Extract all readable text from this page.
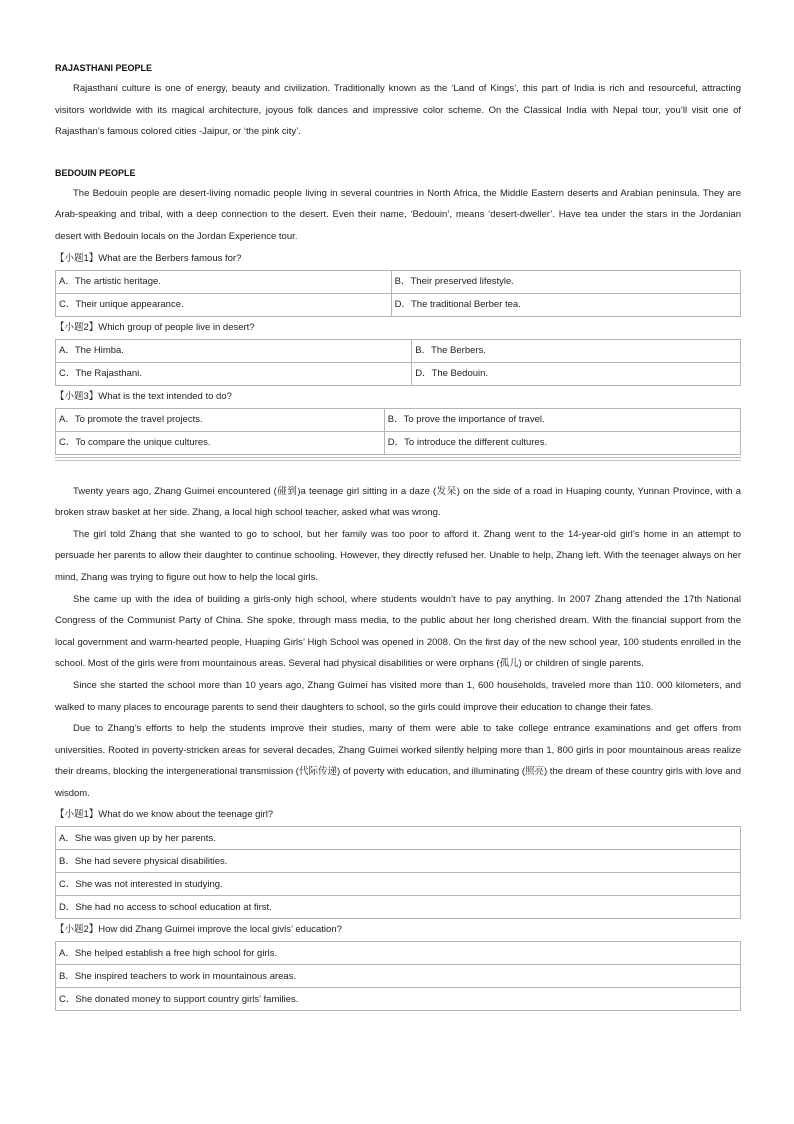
RAJASTHANI PEOPLE

Rajasthani culture is one of energy, beauty and civilization. Traditionally known as the ‘Land of Kings’, this part of India is rich and resourceful, attracting visitors worldwide with its magical architecture, joyous folk dances and impressive color scheme. On the Classical India with Nepal tour, you’ll visit one of Rajasthan’s famous colored cities -Jaipur, or ‘the pink city’.

BEDOUIN PEOPLE

The Bedouin people are desert-living nomadic people living in several countries in North Africa, the Middle Eastern deserts and Arabian peninsula. They are Arab-speaking and tribal, with a deep connection to the desert. Even their name, ‘Bedouin’, means ‘desert-dweller’. Have tea under the stars in the Jordanian desert with Bedouin locals on the Jordan Experience tour.

【小题1】What are the Berbers famous for?

A．The artistic heritage.	B．Their preserved lifestyle.
C．Their unique appearance.	D．The traditional Berber tea.

【小题2】Which group of people live in desert?

A．The Himba.	B．The Berbers.
C．The Rajasthani.	D．The Bedouin.

【小题3】What is the text intended to do?

A．To promote the travel projects.	B．To prove the importance of travel.
C．To compare the unique cultures.	D．To introduce the different cultures.

Twenty years ago, Zhang Guimei encountered (碰到)a teenage girl sitting in a daze (发呆) on the side of a road in Huaping county, Yunnan Province, with a broken straw basket at her side. Zhang, a local high school teacher, asked what was wrong.

The girl told Zhang that she wanted to go to school, but her family was too poor to afford it. Zhang went to the 14-year-old girl’s home in an attempt to persuade her parents to allow their daughter to continue schooling. However, they directly refused her. Unable to help, Zhang left. With the teenager always on her mind, Zhang was trying to figure out how to help the local girls.

She came up with the idea of building a girls-only high school, where students wouldn’t have to pay anything. In 2007 Zhang attended the 17th National Congress of the Communist Party of China. She spoke, through mass media, to the public about her long cherished dream. With the financial support from the local government and warm-hearted people, Huaping Girls’ High School was opened in 2008. On the first day of the new school year, 100 students enrolled in the school. Most of the girls were from mountainous areas. Several had physical disabilities or were orphans (孤儿) or children of single parents.

Since she started the school more than 10 years ago, Zhang Guimei has visited more than 1, 600 households, traveled more than 110. 000 kilometers, and walked to many places to encourage parents to send their daughters to school, so the girls could improve their education to change their fates.

Due to Zhang’s efforts to help the students improve their studies, many of them were able to take college entrance examinations and get offers from universities. Rooted in poverty-stricken areas for several decades, Zhang Guimei worked silently helping more than 1, 800 girls in poor mountainous areas realize their dreams, blocking the intergenerational transmission (代际传递) of poverty with education, and illuminating (照亮) the dream of these country girls with love and wisdom.

【小题1】What do we know about the teenage girl?

A．She was given up by her parents.
B．She had severe physical disabilities.
C．She was not interested in studying.
D．She had no access to school education at first.

【小题2】How did Zhang Guimei improve the local givls’ education?

A．She helped establish a free high school for girls.
B．She inspired teachers to work in mountainous areas.
C．She donated money to support country girls’ families.
